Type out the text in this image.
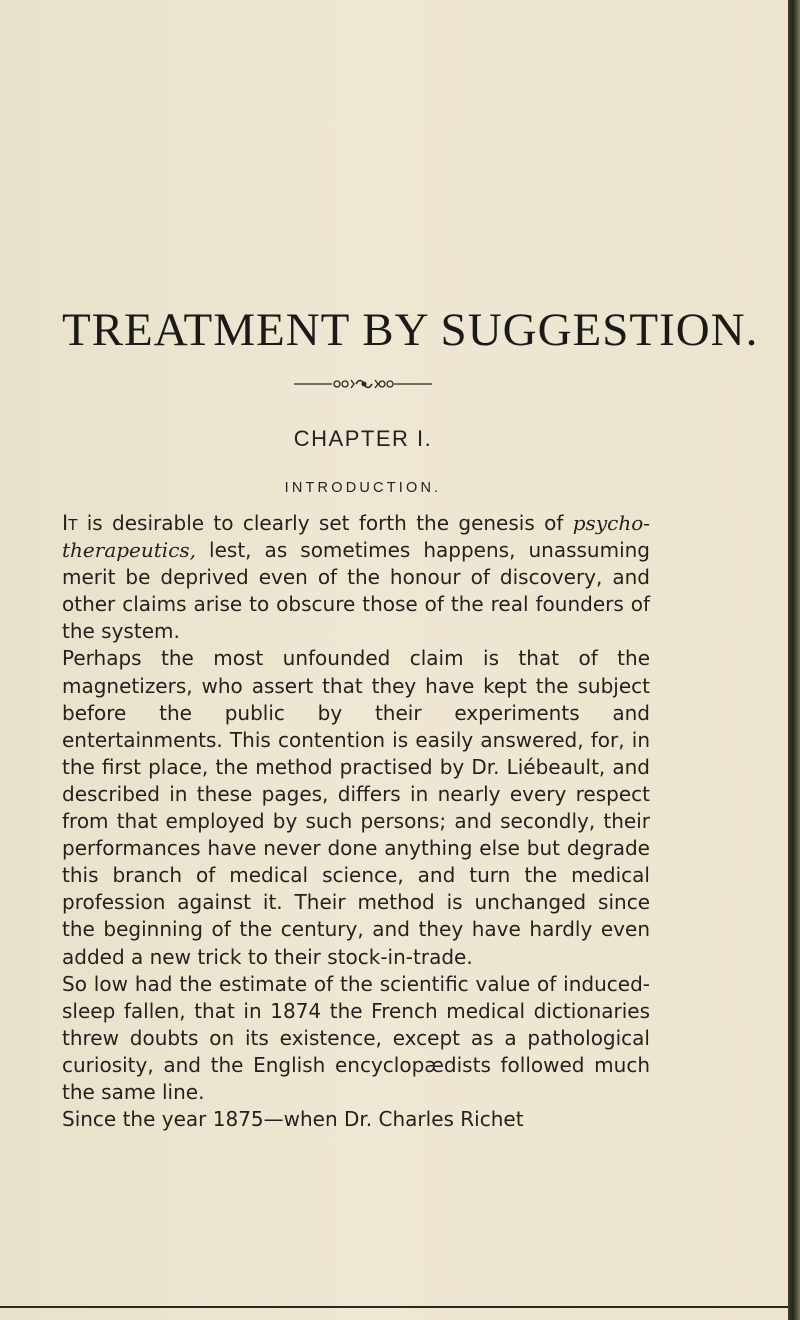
TREATMENT BY SUGGESTION.
CHAPTER I.
INTRODUCTION.

It is desirable to clearly set forth the genesis of psycho-therapeutics, lest, as sometimes happens, unassuming merit be deprived even of the honour of discovery, and other claims arise to obscure those of the real founders of the system.

Perhaps the most unfounded claim is that of the magnetizers, who assert that they have kept the subject before the public by their experiments and entertainments. This contention is easily answered, for, in the first place, the method practised by Dr. Liébeault, and described in these pages, differs in nearly every respect from that employed by such persons; and secondly, their performances have never done anything else but degrade this branch of medical science, and turn the medical profession against it. Their method is unchanged since the beginning of the century, and they have hardly even added a new trick to their stock-in-trade.

So low had the estimate of the scientific value of induced-sleep fallen, that in 1874 the French medical dictionaries threw doubts on its existence, except as a pathological curiosity, and the English encyclopædists followed much the same line.

Since the year 1875—when Dr. Charles Richet
